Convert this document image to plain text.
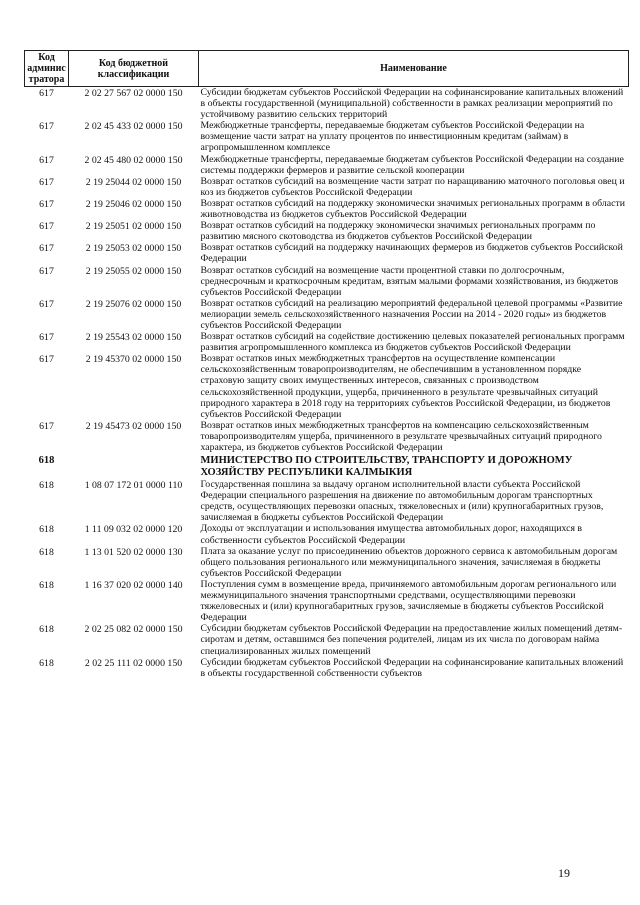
Код админис тратора	Код бюджетной классификации	Наименование
617	2 02 27 567 02 0000 150	Субсидии бюджетам субъектов Российской Федерации на софинансирование капитальных вложений в объекты государственной (муниципальной) собственности в рамках реализации мероприятий по устойчивому развитию сельских территорий
617	2 02 45 433 02 0000 150	Межбюджетные трансферты, передаваемые бюджетам субъектов Российской Федерации на возмещение части затрат на уплату процентов по инвестиционным кредитам (займам) в агропромышленном комплексе
617	2 02 45 480 02 0000 150	Межбюджетные трансферты, передаваемые бюджетам субъектов Российской Федерации на создание системы поддержки фермеров и развитие сельской кооперации
617	2 19 25044 02 0000 150	Возврат остатков субсидий на возмещение части затрат по наращиванию маточного поголовья овец и коз из бюджетов субъектов Российской Федерации
617	2 19 25046 02 0000 150	Возврат остатков субсидий на поддержку экономически значимых региональных программ в области животноводства из бюджетов субъектов Российской Федерации
617	2 19 25051 02 0000 150	Возврат остатков субсидий на поддержку экономически значимых региональных программ по развитию мясного скотоводства из бюджетов субъектов Российской Федерации
617	2 19 25053 02 0000 150	Возврат остатков субсидий на поддержку начинающих фермеров из бюджетов субъектов Российской Федерации
617	2 19 25055 02 0000 150	Возврат остатков субсидий на возмещение части процентной ставки по долгосрочным, среднесрочным и краткосрочным кредитам, взятым малыми формами хозяйствования, из бюджетов субъектов Российской Федерации
617	2 19 25076 02 0000 150	Возврат остатков субсидий на реализацию мероприятий федеральной целевой программы «Развитие мелиорации земель сельскохозяйственного назначения России на 2014 - 2020 годы» из бюджетов субъектов Российской Федерации
617	2 19 25543 02 0000 150	Возврат остатков субсидий на содействие достижению целевых показателей региональных программ развития агропромышленного комплекса из бюджетов субъектов Российской Федерации
617	2 19 45370 02 0000 150	Возврат остатков иных межбюджетных трансфертов на осуществление компенсации сельскохозяйственным товаропроизводителям, не обеспечившим в установленном порядке страховую защиту своих имущественных интересов, связанных с производством сельскохозяйственной продукции, ущерба, причиненного в результате чрезвычайных ситуаций природного характера в 2018 году на территориях субъектов Российской Федерации, из бюджетов субъектов Российской Федерации
617	2 19 45473 02 0000 150	Возврат остатков иных межбюджетных трансфертов на компенсацию сельскохозяйственным товаропроизводителям ущерба, причиненного в результате чрезвычайных ситуаций природного характера, из бюджетов субъектов Российской Федерации
618		МИНИСТЕРСТВО ПО СТРОИТЕЛЬСТВУ, ТРАНСПОРТУ И ДОРОЖНОМУ ХОЗЯЙСТВУ РЕСПУБЛИКИ КАЛМЫКИЯ
618	1 08 07 172 01 0000 110	Государственная пошлина за выдачу органом исполнительной власти субъекта Российской Федерации специального разрешения на движение по автомобильным дорогам транспортных средств, осуществляющих перевозки опасных, тяжеловесных и (или) крупногабаритных грузов, зачисляемая в бюджеты субъектов Российской Федерации
618	1 11 09 032 02 0000 120	Доходы от эксплуатации и использования имущества автомобильных дорог, находящихся в собственности субъектов Российской Федерации
618	1 13 01 520 02 0000 130	Плата за оказание услуг по присоединению объектов дорожного сервиса к автомобильным дорогам общего пользования регионального или межмуниципального значения, зачисляемая в бюджеты субъектов Российской Федерации
618	1 16 37 020 02 0000 140	Поступления сумм в возмещение вреда, причиняемого автомобильным дорогам регионального или межмуниципального значения транспортными средствами, осуществляющими перевозки тяжеловесных и (или) крупногабаритных грузов, зачисляемые в бюджеты субъектов Российской Федерации
618	2 02 25 082 02 0000 150	Субсидии бюджетам субъектов Российской Федерации на предоставление жилых помещений детям-сиротам и детям, оставшимся без попечения родителей, лицам из их числа по договорам найма специализированных жилых помещений
618	2 02 25 111 02 0000 150	Субсидии бюджетам субъектов Российской Федерации на софинансирование капитальных вложений в объекты государственной собственности субъектов
19
